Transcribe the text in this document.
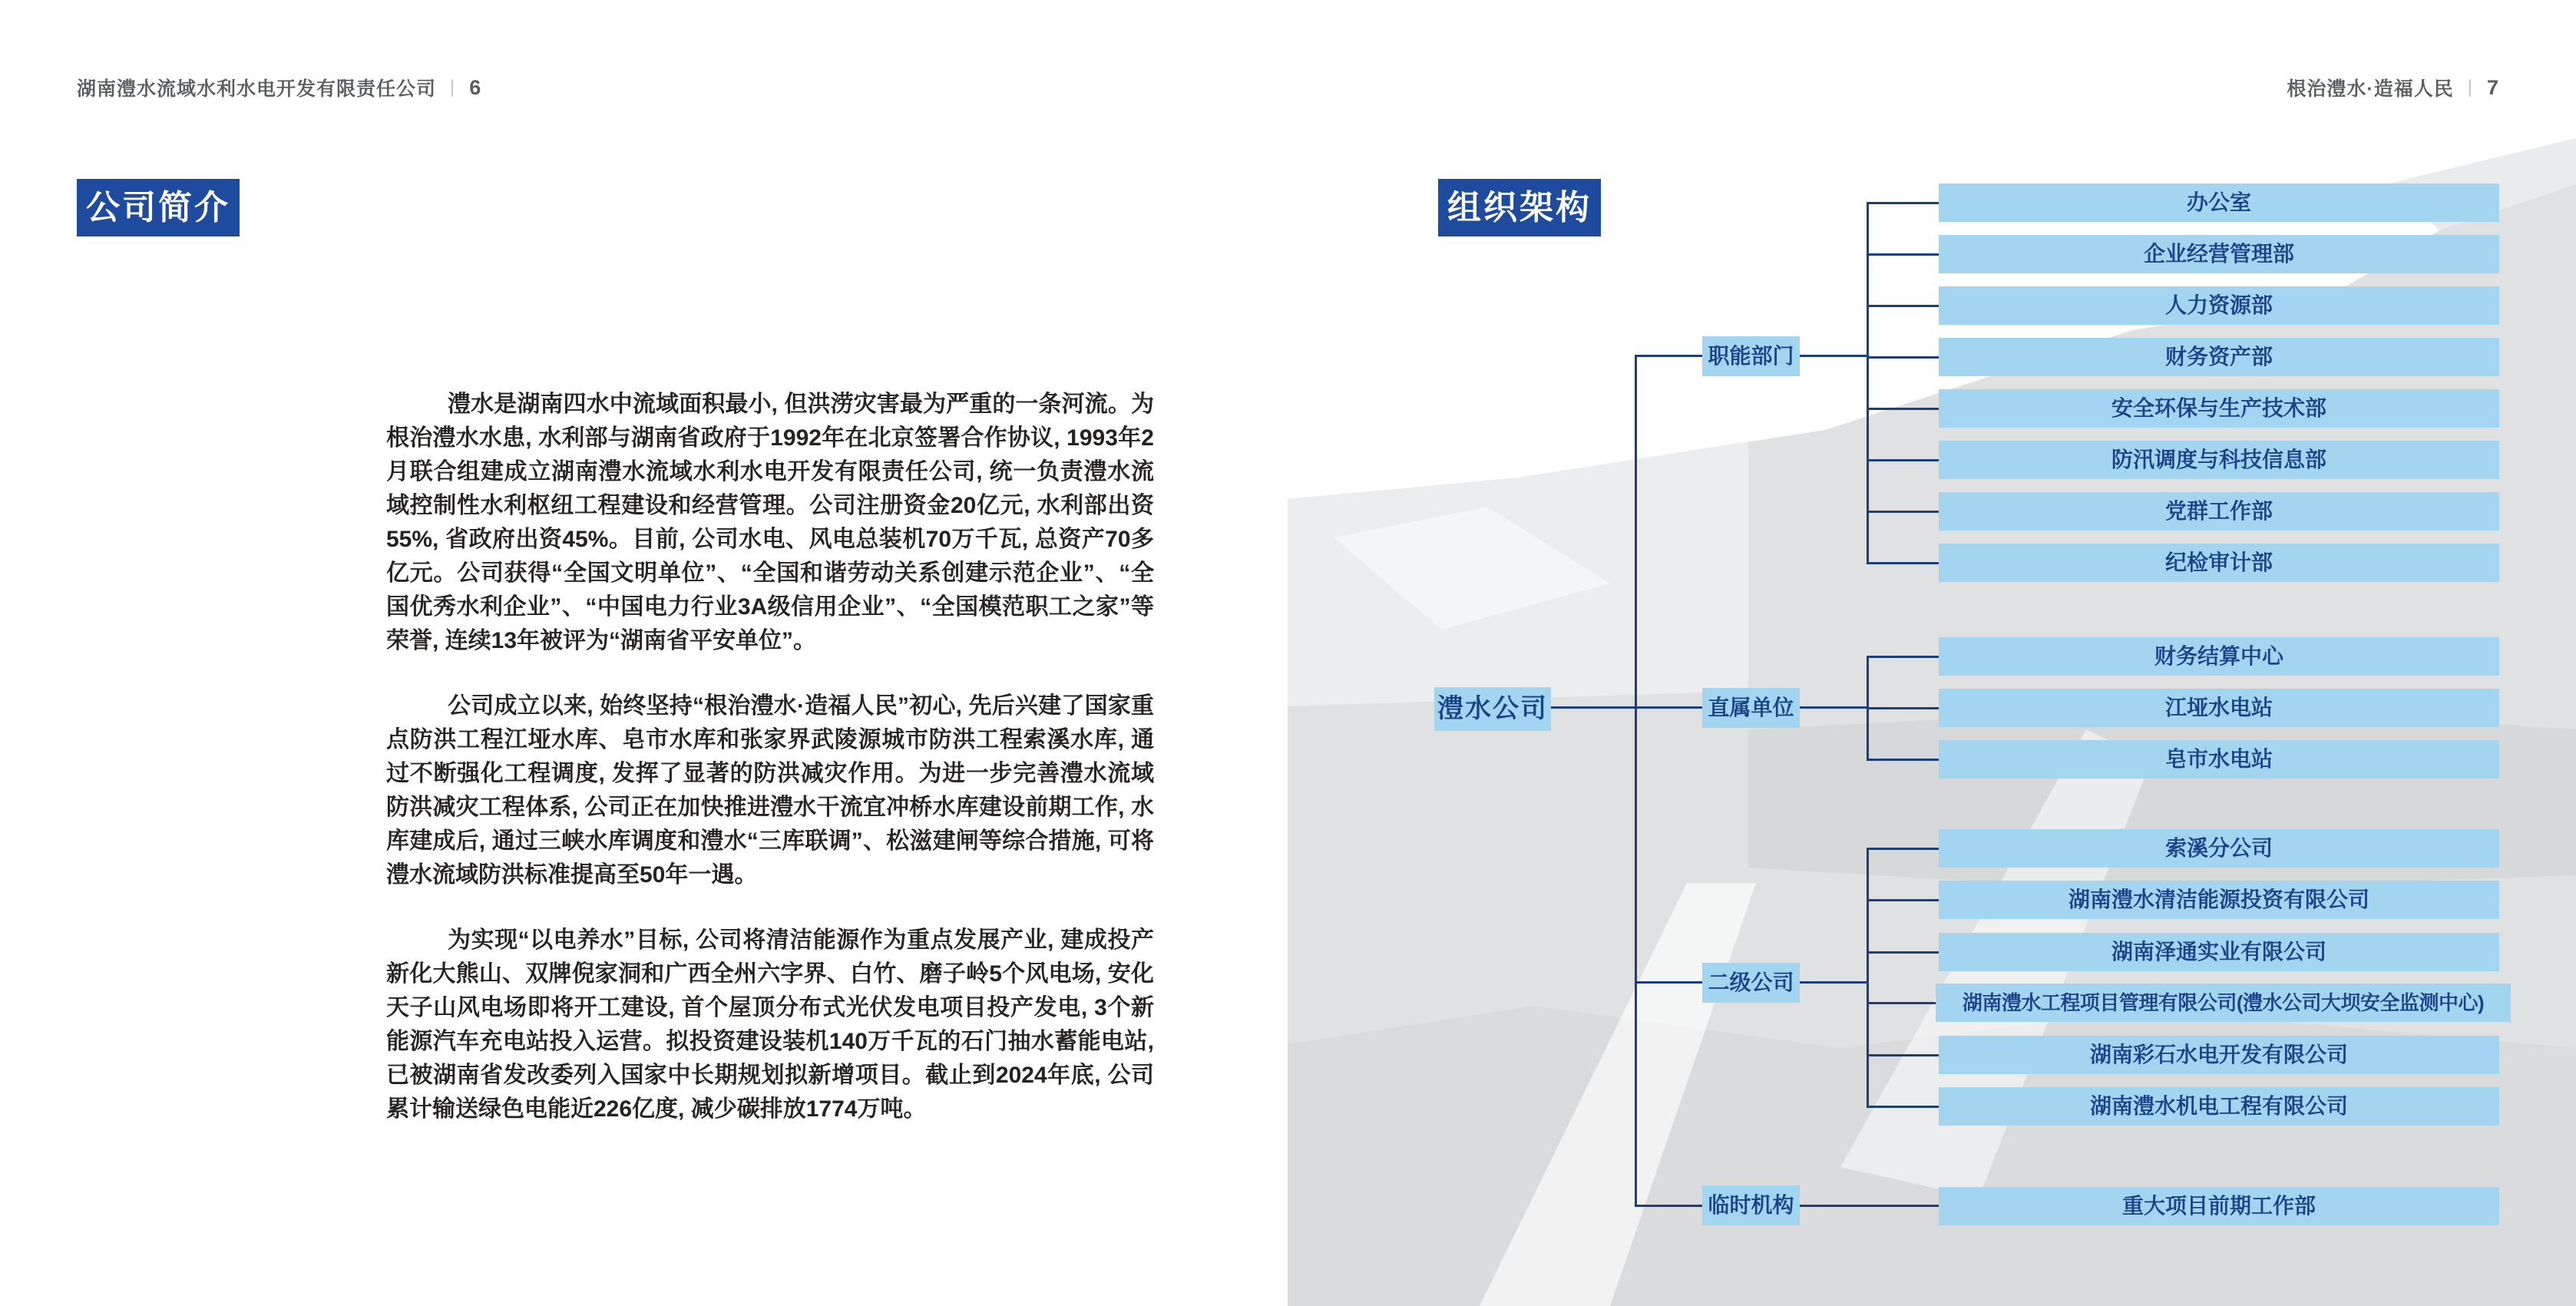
湖南澧水流域水利水电开发有限责任公司 | 6
公司简介

澧水是湖南四水中流域面积最小, 但洪涝灾害最为严重的一条河流。为根治澧水水患, 水利部与湖南省政府于1992年在北京签署合作协议, 1993年2月联合组建成立湖南澧水流域水利水电开发有限责任公司, 统一负责澧水流域控制性水利枢纽工程建设和经营管理。公司注册资金20亿元, 水利部出资55%, 省政府出资45%。目前, 公司水电、风电总装机70万千瓦, 总资产70多亿元。公司获得“全国文明单位”、“全国和谐劳动关系创建示范企业”、“全国优秀水利企业”、“中国电力行业3A级信用企业”、“全国模范职工之家”等荣誉, 连续13年被评为“湖南省平安单位”。

公司成立以来, 始终坚持“根治澧水·造福人民”初心, 先后兴建了国家重点防洪工程江垭水库、皂市水库和张家界武陵源城市防洪工程索溪水库, 通过不断强化工程调度, 发挥了显著的防洪减灾作用。为进一步完善澧水流域防洪减灾工程体系, 公司正在加快推进澧水干流宜冲桥水库建设前期工作, 水库建成后, 通过三峡水库调度和澧水“三库联调”、松滋建闸等综合措施, 可将澧水流域防洪标准提高至50年一遇。

为实现“以电养水”目标, 公司将清洁能源作为重点发展产业, 建成投产新化大熊山、双牌倪家洞和广西全州六字界、白竹、磨子岭5个风电场, 安化天子山风电场即将开工建设, 首个屋顶分布式光伏发电项目投产发电, 3个新能源汽车充电站投入运营。拟投资建设装机140万千瓦的石门抽水蓄能电站, 已被湖南省发改委列入国家中长期规划拟新增项目。截止到2024年底, 公司累计输送绿色电能近226亿度, 减少碳排放1774万吨。

根治澧水·造福人民 | 7
组织架构
澧水公司
职能部门
直属单位
二级公司
临时机构
办公室
企业经营管理部
人力资源部
财务资产部
安全环保与生产技术部
防汛调度与科技信息部
党群工作部
纪检审计部
财务结算中心
江垭水电站
皂市水电站
索溪分公司
湖南澧水清洁能源投资有限公司
湖南泽通实业有限公司
湖南澧水工程项目管理有限公司(澧水公司大坝安全监测中心)
湖南彩石水电开发有限公司
湖南澧水机电工程有限公司
重大项目前期工作部
